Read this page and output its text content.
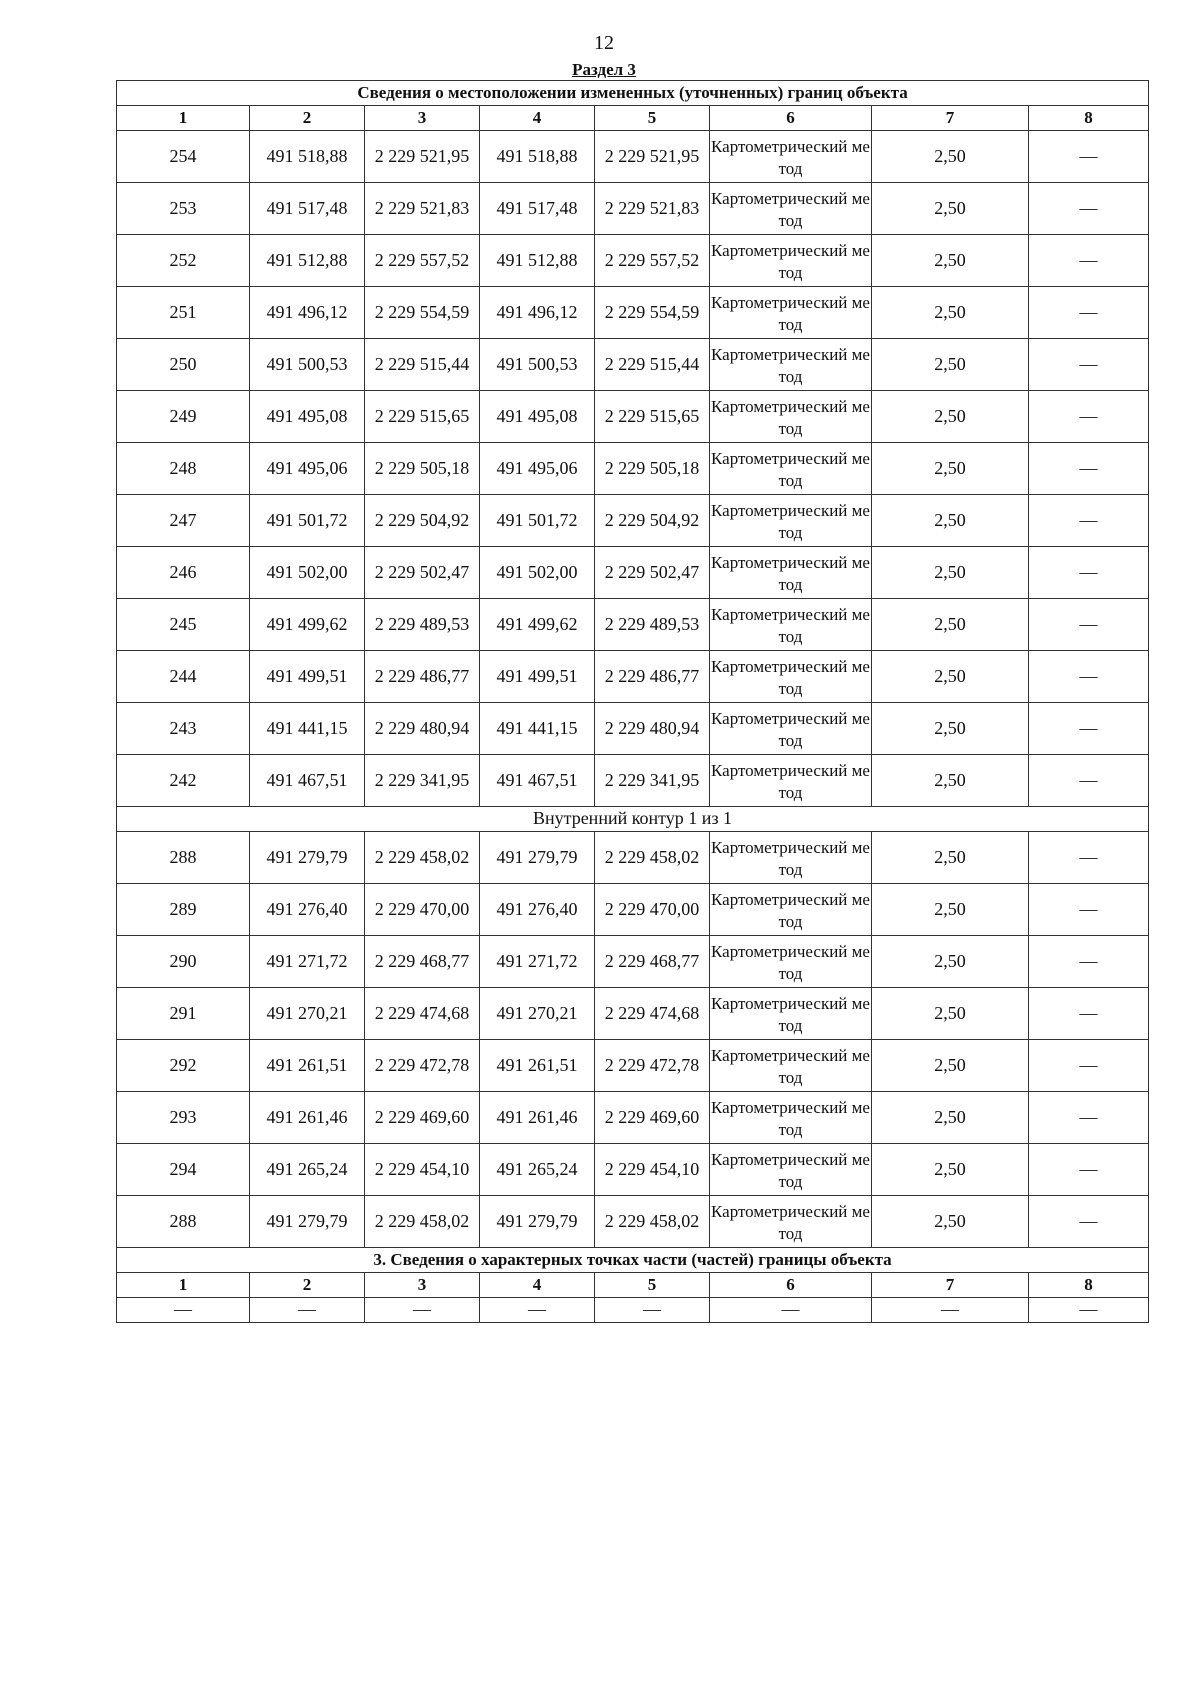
12
Раздел 3
Сведения о местоположении измененных (уточненных) границ объекта							
1	2	3	4	5	6	7	8
254	491 518,88	2 229 521,95	491 518,88	2 229 521,95	Картометрический метод	2,50	—
253	491 517,48	2 229 521,83	491 517,48	2 229 521,83	Картометрический метод	2,50	—
252	491 512,88	2 229 557,52	491 512,88	2 229 557,52	Картометрический метод	2,50	—
251	491 496,12	2 229 554,59	491 496,12	2 229 554,59	Картометрический метод	2,50	—
250	491 500,53	2 229 515,44	491 500,53	2 229 515,44	Картометрический метод	2,50	—
249	491 495,08	2 229 515,65	491 495,08	2 229 515,65	Картометрический метод	2,50	—
248	491 495,06	2 229 505,18	491 495,06	2 229 505,18	Картометрический метод	2,50	—
247	491 501,72	2 229 504,92	491 501,72	2 229 504,92	Картометрический метод	2,50	—
246	491 502,00	2 229 502,47	491 502,00	2 229 502,47	Картометрический метод	2,50	—
245	491 499,62	2 229 489,53	491 499,62	2 229 489,53	Картометрический метод	2,50	—
244	491 499,51	2 229 486,77	491 499,51	2 229 486,77	Картометрический метод	2,50	—
243	491 441,15	2 229 480,94	491 441,15	2 229 480,94	Картометрический метод	2,50	—
242	491 467,51	2 229 341,95	491 467,51	2 229 341,95	Картометрический метод	2,50	—
Внутренний контур 1 из 1							
288	491 279,79	2 229 458,02	491 279,79	2 229 458,02	Картометрический метод	2,50	—
289	491 276,40	2 229 470,00	491 276,40	2 229 470,00	Картометрический метод	2,50	—
290	491 271,72	2 229 468,77	491 271,72	2 229 468,77	Картометрический метод	2,50	—
291	491 270,21	2 229 474,68	491 270,21	2 229 474,68	Картометрический метод	2,50	—
292	491 261,51	2 229 472,78	491 261,51	2 229 472,78	Картометрический метод	2,50	—
293	491 261,46	2 229 469,60	491 261,46	2 229 469,60	Картометрический метод	2,50	—
294	491 265,24	2 229 454,10	491 265,24	2 229 454,10	Картометрический метод	2,50	—
288	491 279,79	2 229 458,02	491 279,79	2 229 458,02	Картометрический метод	2,50	—
3. Сведения о характерных точках части (частей) границы объекта							
1	2	3	4	5	6	7	8
—	—	—	—	—	—	—	—
